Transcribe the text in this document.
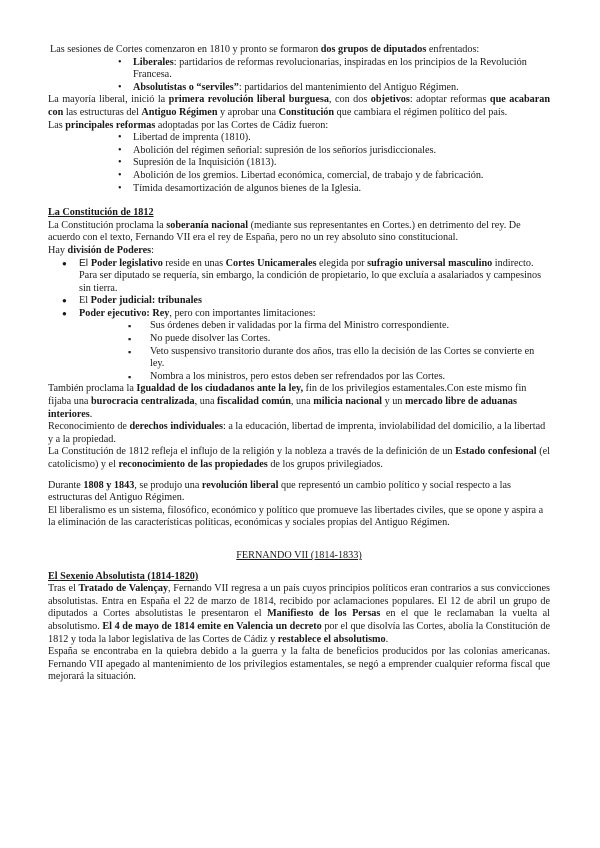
Las sesiones de Cortes comenzaron en 1810 y pronto se formaron dos grupos de diputados enfrentados:

• Liberales: partidarios de reformas revolucionarias, inspiradas en los principios de la Revolución Francesa.
• Absolutistas o “serviles”: partidarios del mantenimiento del Antiguo Régimen.

La mayoría liberal, inició la primera revolución liberal burguesa, con dos objetivos: adoptar reformas que acabaran con las estructuras del Antiguo Régimen y aprobar una Constitución que cambiara el régimen político del país.

Las principales reformas adoptadas por las Cortes de Cádiz fueron:

• Libertad de imprenta (1810).
• Abolición del régimen señorial: supresión de los señoríos jurisdiccionales.
• Supresión de la Inquisición (1813).
• Abolición de los gremios. Libertad económica, comercial, de trabajo y de fabricación.
• Tímida desamortización de algunos bienes de la Iglesia.

La Constitución de 1812

La Constitución proclama la soberanía nacional (mediante sus representantes en Cortes.) en detrimento del rey. De acuerdo con el texto, Fernando VII era el rey de España, pero no un rey absoluto sino constitucional.

Hay división de Poderes:

● El Poder legislativo reside en unas Cortes Unicamerales elegida por sufragio universal masculino indirecto. Para ser diputado se requería, sin embargo, la condición de propietario, lo que excluía a asalariados y campesinos sin tierra.
● El Poder judicial: tribunales
● Poder ejecutivo: Rey, pero con importantes limitaciones:
▪ Sus órdenes deben ir validadas por la firma del Ministro correspondiente.
▪ No puede disolver las Cortes.
▪ Veto suspensivo transitorio durante dos años, tras ello la decisión de las Cortes se convierte en ley.
▪ Nombra a los ministros, pero estos deben ser refrendados por las Cortes.

También proclama la Igualdad de los ciudadanos ante la ley, fin de los privilegios estamentales.Con este mismo fin fijaba una burocracia centralizada, una fiscalidad común, una milicia nacional y un mercado libre de aduanas interiores.

Reconocimiento de derechos individuales: a la educación, libertad de imprenta, inviolabilidad del domicilio, a la libertad y a la propiedad.

La Constitución de 1812 refleja el influjo de la religión y la nobleza a través de la definición de un Estado confesional (el catolicismo) y el reconocimiento de las propiedades de los grupos privilegiados.

Durante 1808 y 1843, se produjo una revolución liberal que representó un cambio político y social respecto a las estructuras del Antiguo Régimen.

El liberalismo es un sistema, filosófico, económico y político que promueve las libertades civiles, que se opone y aspira a la eliminación de las características políticas, económicas y sociales propias del Antiguo Régimen.

FERNANDO VII (1814-1833)

El Sexenio Absolutista (1814-1820)

Tras el Tratado de Valençay, Fernando VII regresa a un país cuyos principios políticos eran contrarios a sus convicciones absolutistas. Entra en España el 22 de marzo de 1814, recibido por aclamaciones populares. El 12 de abril un grupo de diputados a Cortes absolutistas le presentaron el Manifiesto de los Persas en el que le reclamaban la vuelta al absolutismo. El 4 de mayo de 1814 emite en Valencia un decreto por el que disolvía las Cortes, abolía la Constitución de 1812 y toda la labor legislativa de las Cortes de Cádiz y restablece el absolutismo.

España se encontraba en la quiebra debido a la guerra y la falta de beneficios producidos por las colonias americanas. Fernando VII apegado al mantenimiento de los privilegios estamentales, se negó a emprender cualquier reforma fiscal que mejorará la situación.
